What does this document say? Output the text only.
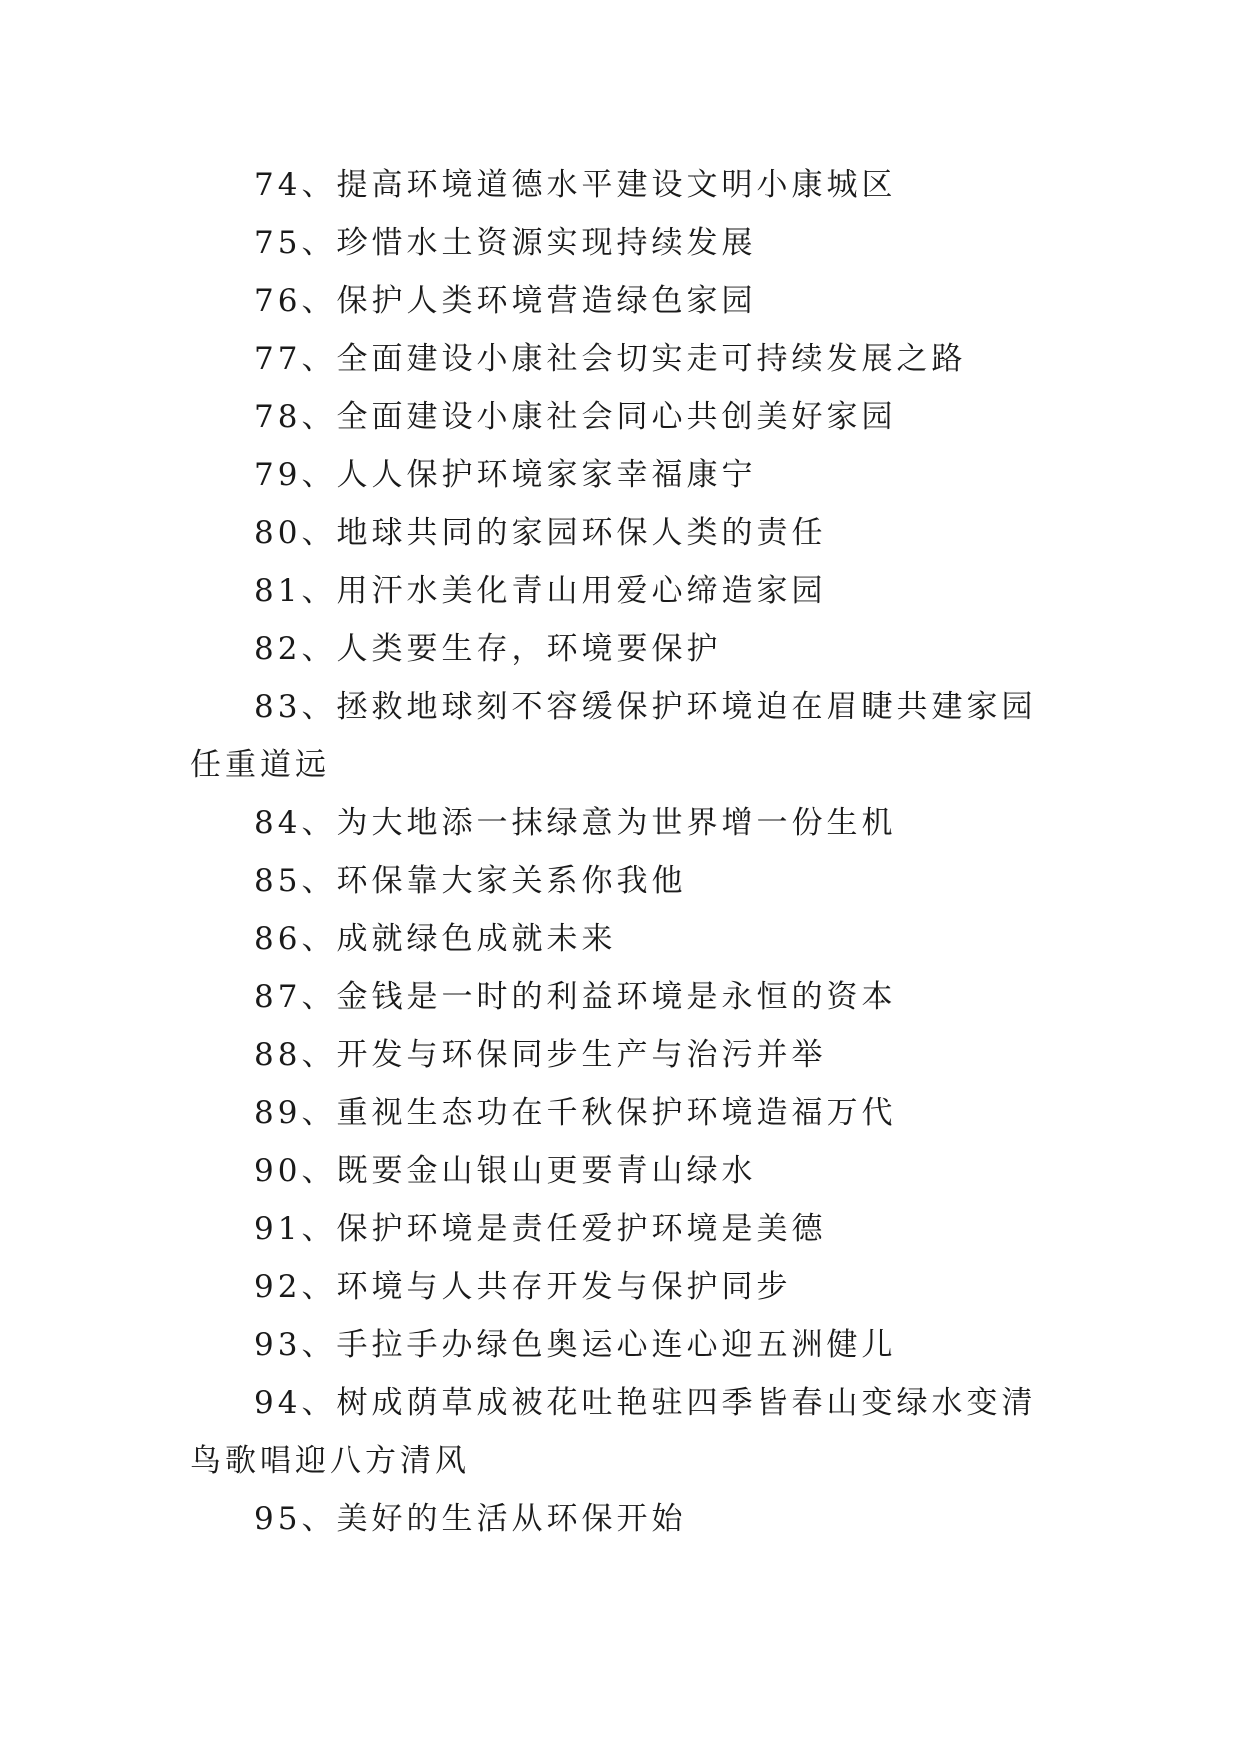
74、提高环境道德水平建设文明小康城区

75、珍惜水土资源实现持续发展

76、保护人类环境营造绿色家园

77、全面建设小康社会切实走可持续发展之路

78、全面建设小康社会同心共创美好家园

79、人人保护环境家家幸福康宁

80、地球共同的家园环保人类的责任

81、用汗水美化青山用爱心缔造家园

82、人类要生存，环境要保护

83、拯救地球刻不容缓保护环境迫在眉睫共建家园任重道远

84、为大地添一抹绿意为世界增一份生机

85、环保靠大家关系你我他

86、成就绿色成就未来

87、金钱是一时的利益环境是永恒的资本

88、开发与环保同步生产与治污并举

89、重视生态功在千秋保护环境造福万代

90、既要金山银山更要青山绿水

91、保护环境是责任爱护环境是美德

92、环境与人共存开发与保护同步

93、手拉手办绿色奥运心连心迎五洲健儿

94、树成荫草成被花吐艳驻四季皆春山变绿水变清鸟歌唱迎八方清风

95、美好的生活从环保开始
